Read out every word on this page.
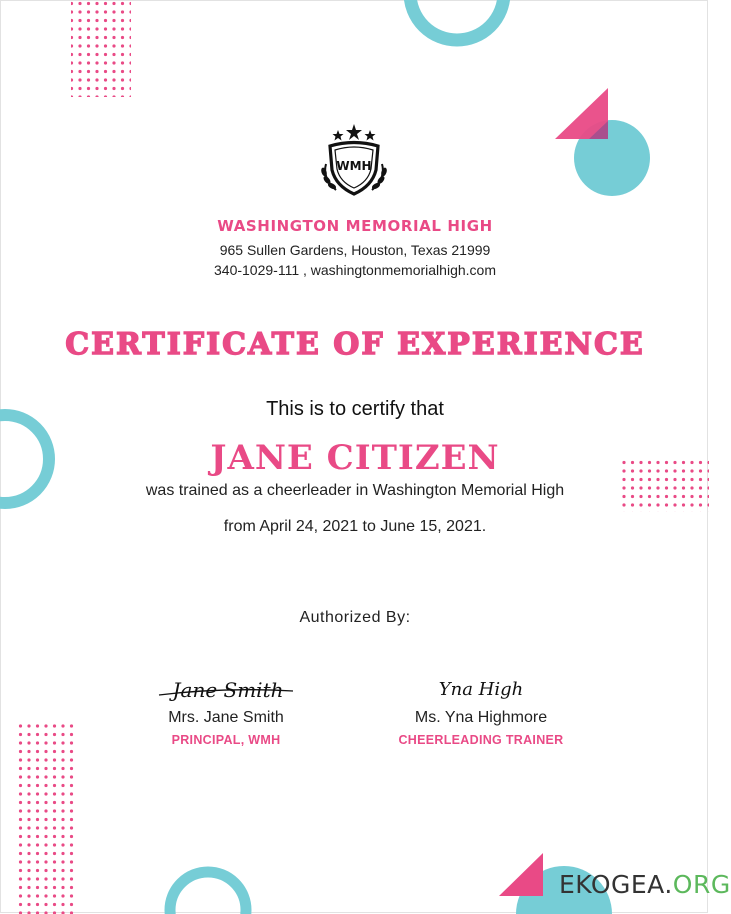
WMH
WASHINGTON MEMORIAL HIGH
965 Sullen Gardens, Houston, Texas 21999
340-1029-111 , washingtonmemorialhigh.com
CERTIFICATE OF EXPERIENCE
This is to certify that
JANE CITIZEN
was trained as a cheerleader in Washington Memorial High
from April 24, 2021 to June 15, 2021.
Authorized By:
Jane Smith	Yna High
Mrs. Jane Smith
PRINCIPAL, WMH
Ms. Yna Highmore
CHEERLEADING TRAINER
EKOGEA.ORG
